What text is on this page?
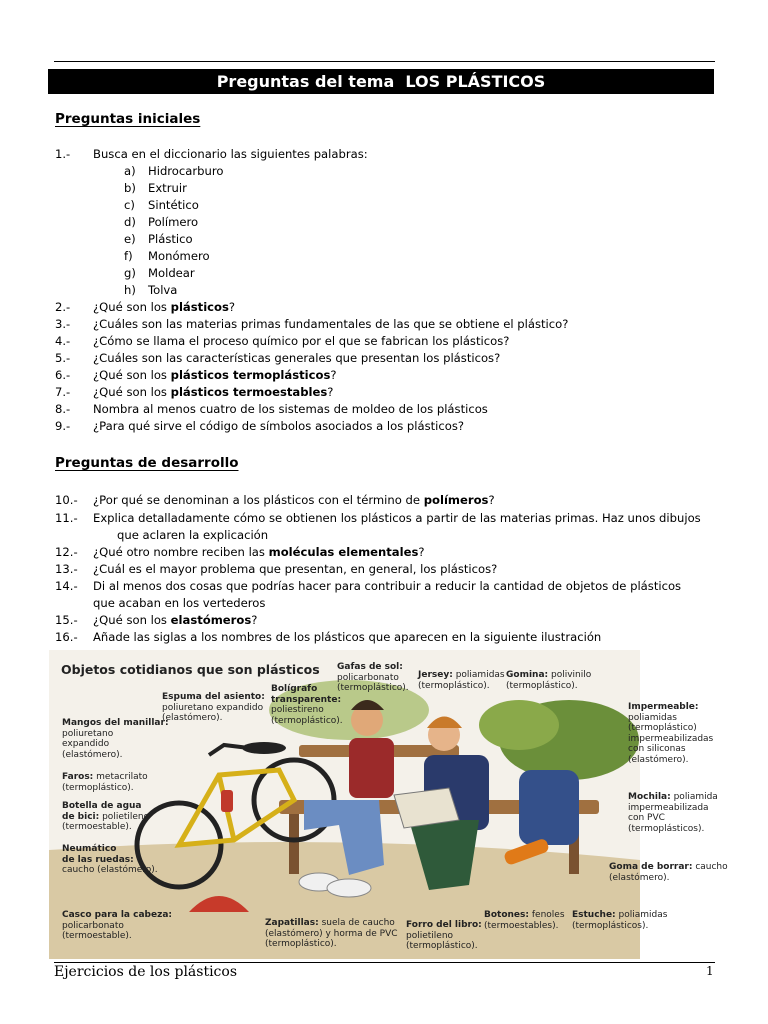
Preguntas del tema  LOS PLÁSTICOS
Preguntas iniciales
1.- Busca en el diccionario las siguientes palabras:
a) Hidrocarburo
b) Extruir
c) Sintético
d) Polímero
e) Plástico
f) Monómero
g) Moldear
h) Tolva
2.- ¿Qué son los plásticos?
3.- ¿Cuáles son las materias primas fundamentales de las que se obtiene el plástico?
4.- ¿Cómo se llama el proceso químico por el que se fabrican los plásticos?
5.- ¿Cuáles son las características generales que presentan los plásticos?
6.- ¿Qué son los plásticos termoplásticos?
7.- ¿Qué son los plásticos termoestables?
8.- Nombra al menos cuatro de los sistemas de moldeo de los plásticos
9.- ¿Para qué sirve el código de símbolos asociados a los plásticos?
Preguntas de desarrollo
10.- ¿Por qué se denominan a los plásticos con el término de polímeros?
11.- Explica detalladamente cómo se obtienen los plásticos a partir de las materias primas. Haz unos dibujos
que aclaren la explicación
12.- ¿Qué otro nombre reciben las moléculas elementales?
13.- ¿Cuál es el mayor problema que presentan, en general, los plásticos?
14.- Di al menos dos cosas que podrías hacer para contribuir a reducir la cantidad de objetos de plásticos
que acaban en los vertederos
15.- ¿Qué son los elastómeros?
16.- Añade las siglas a los nombres de los plásticos que aparecen en la siguiente ilustración
Objetos cotidianos que son plásticos
Espuma del asiento:
poliuretano expandido
(elastómero).
Bolígrafo
transparente:
poliestireno
(termoplástico).
Gafas de sol:
policarbonato
(termoplástico).
Jersey: poliamidas
(termoplástico).
Gomina: polivinilo
(termoplástico).
Mangos del manillar:
poliuretano
expandido
(elastómero).
Faros: metacrilato
(termoplástico).
Botella de agua
de bici: polietileno
(termoestable).
Neumático
de las ruedas:
caucho (elastómero).
Casco para la cabeza:
policarbonato
(termoestable).
Zapatillas: suela de caucho
(elastómero) y horma de PVC
(termoplástico).
Forro del libro:
polietileno
(termoplástico).
Botones: fenoles
(termoestables).
Estuche: poliamidas
(termoplásticos).
Impermeable:
poliamidas
(termoplástico)
impermeabilizadas
con siliconas
(elastómero).
Mochila: poliamida
impermeabilizada
con PVC
(termoplásticos).
Goma de borrar: caucho
(elastómero).
Ejercicios de los plásticos	1
